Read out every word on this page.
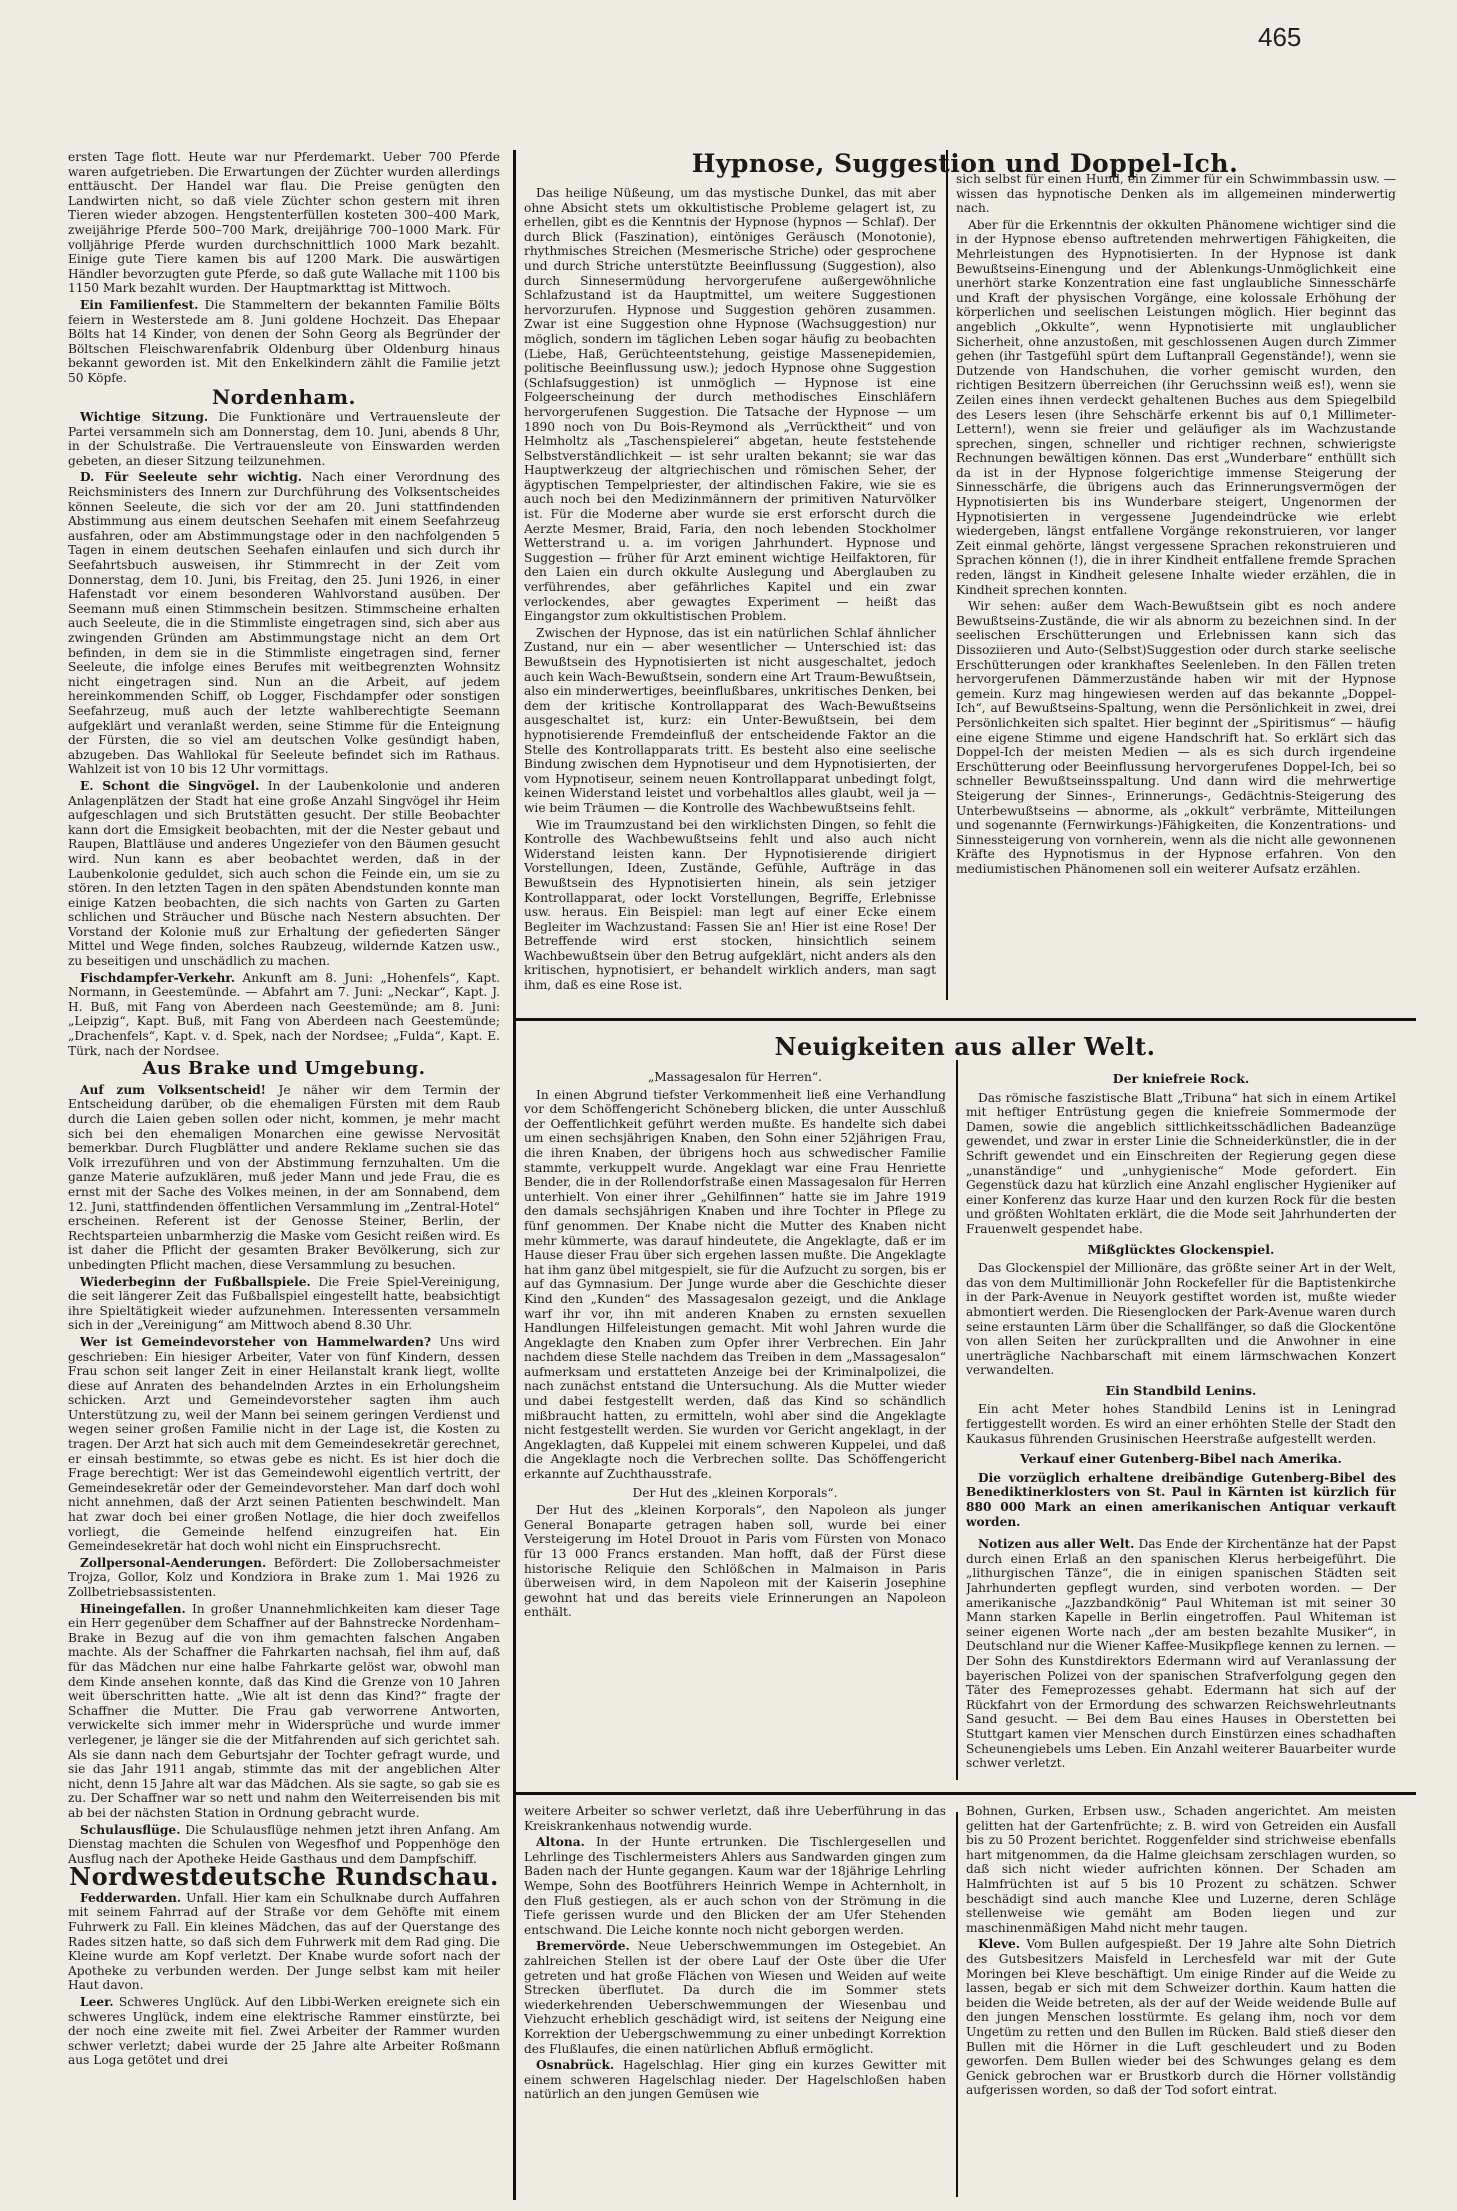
465

ersten Tage flott. Heute war nur Pferdemarkt. Ueber 700 Pferde waren aufgetrieben. Die Erwartungen der Züchter wurden allerdings enttäuscht. Der Handel war flau. Die Preise genügten den Landwirten nicht, so daß viele Züchter schon gestern mit ihren Tieren wieder abzogen. Hengstenterfüllen kosteten 300–400 Mark, zweijährige Pferde 500–700 Mark, dreijährige 700–1000 Mark. Für volljährige Pferde wurden durchschnittlich 1000 Mark bezahlt. Einige gute Tiere kamen bis auf 1200 Mark. Die auswärtigen Händler bevorzugten gute Pferde, so daß gute Wallache mit 1100 bis 1150 Mark bezahlt wurden. Der Hauptmarkttag ist Mittwoch.

Ein Familienfest. Die Stammeltern der bekannten Familie Bölts feiern in Westerstede am 8. Juni goldene Hochzeit. Das Ehepaar Bölts hat 14 Kinder, von denen der Sohn Georg als Begründer der Böltschen Fleischwarenfabrik Oldenburg über Oldenburg hinaus bekannt geworden ist. Mit den Enkelkindern zählt die Familie jetzt 50 Köpfe.

Nordenham.

Wichtige Sitzung. Die Funktionäre und Vertrauensleute der Partei versammeln sich am Donnerstag, dem 10. Juni, abends 8 Uhr, in der Schulstraße. Die Vertrauensleute von Einswarden werden gebeten, an dieser Sitzung teilzunehmen.

D. Für Seeleute sehr wichtig. Nach einer Verordnung des Reichsministers des Innern zur Durchführung des Volksentscheides können Seeleute, die sich vor der am 20. Juni stattfindenden Abstimmung aus einem deutschen Seehafen mit einem Seefahrzeug ausfahren, oder am Abstimmungstage oder in den nachfolgenden 5 Tagen in einem deutschen Seehafen einlaufen und sich durch ihr Seefahrtsbuch ausweisen, ihr Stimmrecht in der Zeit vom Donnerstag, dem 10. Juni, bis Freitag, den 25. Juni 1926, in einer Hafenstadt vor einem besonderen Wahlvorstand ausüben. Der Seemann muß einen Stimmschein besitzen. Stimmscheine erhalten auch Seeleute, die in die Stimmliste eingetragen sind, sich aber aus zwingenden Gründen am Abstimmungstage nicht an dem Ort befinden, in dem sie in die Stimmliste eingetragen sind, ferner Seeleute, die infolge eines Berufes mit weitbegrenzten Wohnsitz nicht eingetragen sind. Nun an die Arbeit, auf jedem hereinkommenden Schiff, ob Logger, Fischdampfer oder sonstigen Seefahrzeug, muß auch der letzte wahlberechtigte Seemann aufgeklärt und veranlaßt werden, seine Stimme für die Enteignung der Fürsten, die so viel am deutschen Volke gesündigt haben, abzugeben. Das Wahllokal für Seeleute befindet sich im Rathaus. Wahlzeit ist von 10 bis 12 Uhr vormittags.

E. Schont die Singvögel. In der Laubenkolonie und anderen Anlagenplätzen der Stadt hat eine große Anzahl Singvögel ihr Heim aufgeschlagen und sich Brutstätten gesucht. Der stille Beobachter kann dort die Emsigkeit beobachten, mit der die Nester gebaut und Raupen, Blattläuse und anderes Ungeziefer von den Bäumen gesucht wird. Nun kann es aber beobachtet werden, daß in der Laubenkolonie geduldet, sich auch schon die Feinde ein, um sie zu stören. In den letzten Tagen in den späten Abendstunden konnte man einige Katzen beobachten, die sich nachts von Garten zu Garten schlichen und Sträucher und Büsche nach Nestern absuchten. Der Vorstand der Kolonie muß zur Erhaltung der gefiederten Sänger Mittel und Wege finden, solches Raubzeug, wildernde Katzen usw., zu beseitigen und unschädlich zu machen.

Fischdampfer-Verkehr. Ankunft am 8. Juni: „Hohenfels“, Kapt. Normann, in Geestemünde. — Abfahrt am 7. Juni: „Neckar“, Kapt. J. H. Buß, mit Fang von Aberdeen nach Geestemünde; am 8. Juni: „Leipzig“, Kapt. Buß, mit Fang von Aberdeen nach Geestemünde; „Drachenfels“, Kapt. v. d. Spek, nach der Nordsee; „Fulda“, Kapt. E. Türk, nach der Nordsee.

Aus Brake und Umgebung.

Auf zum Volksentscheid! Je näher wir dem Termin der Entscheidung darüber, ob die ehemaligen Fürsten mit dem Raub durch die Laien geben sollen oder nicht, kommen, je mehr macht sich bei den ehemaligen Monarchen eine gewisse Nervosität bemerkbar. Durch Flugblätter und andere Reklame suchen sie das Volk irrezuführen und von der Abstimmung fernzuhalten. Um die ganze Materie aufzuklären, muß jeder Mann und jede Frau, die es ernst mit der Sache des Volkes meinen, in der am Sonnabend, dem 12. Juni, stattfindenden öffentlichen Versammlung im „Zentral-Hotel“ erscheinen. Referent ist der Genosse Steiner, Berlin, der Rechtsparteien unbarmherzig die Maske vom Gesicht reißen wird. Es ist daher die Pflicht der gesamten Braker Bevölkerung, sich zur unbedingten Pflicht machen, diese Versammlung zu besuchen.

Wiederbeginn der Fußballspiele. Die Freie Spiel-Vereinigung, die seit längerer Zeit das Fußballspiel eingestellt hatte, beabsichtigt ihre Spieltätigkeit wieder aufzunehmen. Interessenten versammeln sich in der „Vereinigung“ am Mittwoch abend 8.30 Uhr.

Wer ist Gemeindevorsteher von Hammelwarden? Uns wird geschrieben: Ein hiesiger Arbeiter, Vater von fünf Kindern, dessen Frau schon seit langer Zeit in einer Heilanstalt krank liegt, wollte diese auf Anraten des behandelnden Arztes in ein Erholungsheim schicken. Arzt und Gemeindevorsteher sagten ihm auch Unterstützung zu, weil der Mann bei seinem geringen Verdienst und wegen seiner großen Familie nicht in der Lage ist, die Kosten zu tragen. Der Arzt hat sich auch mit dem Gemeindesekretär gerechnet, er einsah bestimmte, so etwas gebe es nicht. Es ist hier doch die Frage berechtigt: Wer ist das Gemeindewohl eigentlich vertritt, der Gemeindesekretär oder der Gemeindevorsteher. Man darf doch wohl nicht annehmen, daß der Arzt seinen Patienten beschwindelt. Man hat zwar doch bei einer großen Notlage, die hier doch zweifellos vorliegt, die Gemeinde helfend einzugreifen hat. Ein Gemeindesekretär hat doch wohl nicht ein Einspruchsrecht.

Zollpersonal-Aenderungen. Befördert: Die Zollobersachmeister Trojza, Gollor, Kolz und Kondziora in Brake zum 1. Mai 1926 zu Zollbetriebsassistenten.

Hineingefallen. In großer Unannehmlichkeiten kam dieser Tage ein Herr gegenüber dem Schaffner auf der Bahnstrecke Nordenham–Brake in Bezug auf die von ihm gemachten falschen Angaben machte. Als der Schaffner die Fahrkarten nachsah, fiel ihm auf, daß für das Mädchen nur eine halbe Fahrkarte gelöst war, obwohl man dem Kinde ansehen konnte, daß das Kind die Grenze von 10 Jahren weit überschritten hatte. „Wie alt ist denn das Kind?“ fragte der Schaffner die Mutter. Die Frau gab verworrene Antworten, verwickelte sich immer mehr in Widersprüche und wurde immer verlegener, je länger sie die der Mitfahrenden auf sich gerichtet sah. Als sie dann nach dem Geburtsjahr der Tochter gefragt wurde, und sie das Jahr 1911 angab, stimmte das mit der angeblichen Alter nicht, denn 15 Jahre alt war das Mädchen. Als sie sagte, so gab sie es zu. Der Schaffner war so nett und nahm den Weiterreisenden bis mit ab bei der nächsten Station in Ordnung gebracht wurde.

Schulausflüge. Die Schulausflüge nehmen jetzt ihren Anfang. Am Dienstag machten die Schulen von Wegesfhof und Poppenhöge den Ausflug nach der Apotheke Heide Gasthaus und dem Dampfschiff.

Nordwestdeutsche Rundschau.

Fedderwarden. Unfall. Hier kam ein Schulknabe durch Auffahren mit seinem Fahrrad auf der Straße vor dem Gehöfte mit einem Fuhrwerk zu Fall. Ein kleines Mädchen, das auf der Querstange des Rades sitzen hatte, so daß sich dem Fuhrwerk mit dem Rad ging. Die Kleine wurde am Kopf verletzt. Der Knabe wurde sofort nach der Apotheke zu verbunden werden. Der Junge selbst kam mit heiler Haut davon.

Leer. Schweres Unglück. Auf den Libbi-Werken ereignete sich ein schweres Unglück, indem eine elektrische Rammer einstürzte, bei der noch eine zweite mit fiel. Zwei Arbeiter der Rammer wurden schwer verletzt; dabei wurde der 25 Jahre alte Arbeiter Roßmann aus Loga getötet und drei

Hypnose, Suggestion und Doppel-Ich.

Das heilige Nüßeung, um das mystische Dunkel, das mit aber ohne Absicht stets um okkultistische Probleme gelagert ist, zu erhellen, gibt es die Kenntnis der Hypnose (hypnos — Schlaf). Der durch Blick (Faszination), eintöniges Geräusch (Monotonie), rhythmisches Streichen (Mesmerische Striche) oder gesprochene und durch Striche unterstützte Beeinflussung (Suggestion), also durch Sinnesermüdung hervorgerufene außergewöhnliche Schlafzustand ist da Hauptmittel, um weitere Suggestionen hervorzurufen. Hypnose und Suggestion gehören zusammen. Zwar ist eine Suggestion ohne Hypnose (Wachsuggestion) nur möglich, sondern im täglichen Leben sogar häufig zu beobachten (Liebe, Haß, Gerüchteentstehung, geistige Massenepidemien, politische Beeinflussung usw.); jedoch Hypnose ohne Suggestion (Schlafsuggestion) ist unmöglich — Hypnose ist eine Folgeerscheinung der durch methodisches Einschläfern hervorgerufenen Suggestion. Die Tatsache der Hypnose — um 1890 noch von Du Bois-Reymond als „Verrücktheit“ und von Helmholtz als „Taschenspielerei“ abgetan, heute feststehende Selbstverständlichkeit — ist sehr uralten bekannt; sie war das Hauptwerkzeug der altgriechischen und römischen Seher, der ägyptischen Tempelpriester, der altindischen Fakire, wie sie es auch noch bei den Medizinmännern der primitiven Naturvölker ist. Für die Moderne aber wurde sie erst erforscht durch die Aerzte Mesmer, Braid, Faria, den noch lebenden Stockholmer Wetterstrand u. a. im vorigen Jahrhundert. Hypnose und Suggestion — früher für Arzt eminent wichtige Heilfaktoren, für den Laien ein durch okkulte Auslegung und Aberglauben zu verführendes, aber gefährliches Kapitel und ein zwar verlockendes, aber gewagtes Experiment — heißt das Eingangstor zum okkultistischen Problem.

Zwischen der Hypnose, das ist ein natürlichen Schlaf ähnlicher Zustand, nur ein — aber wesentlicher — Unterschied ist: das Bewußtsein des Hypnotisierten ist nicht ausgeschaltet, jedoch auch kein Wach-Bewußtsein, sondern eine Art Traum-Bewußtsein, also ein minderwertiges, beeinflußbares, unkritisches Denken, bei dem der kritische Kontrollapparat des Wach-Bewußtseins ausgeschaltet ist, kurz: ein Unter-Bewußtsein, bei dem hypnotisierende Fremdeinfluß der entscheidende Faktor an die Stelle des Kontrollapparats tritt. Es besteht also eine seelische Bindung zwischen dem Hypnotiseur und dem Hypnotisierten, der vom Hypnotiseur, seinem neuen Kontrollapparat unbedingt folgt, keinen Widerstand leistet und vorbehaltlos alles glaubt, weil ja — wie beim Träumen — die Kontrolle des Wachbewußtseins fehlt.

Wie im Traumzustand bei den wirklichsten Dingen, so fehlt die Kontrolle des Wachbewußtseins fehlt und also auch nicht Widerstand leisten kann. Der Hypnotisierende dirigiert Vorstellungen, Ideen, Zustände, Gefühle, Aufträge in das Bewußtsein des Hypnotisierten hinein, als sein jetziger Kontrollapparat, oder lockt Vorstellungen, Begriffe, Erlebnisse usw. heraus. Ein Beispiel: man legt auf einer Ecke einem Begleiter im Wachzustand: Fassen Sie an! Hier ist eine Rose! Der Betreffende wird erst stocken, hinsichtlich seinem Wachbewußtsein über den Betrug aufgeklärt, nicht anders als den kritischen, hypnotisiert, er behandelt wirklich anders, man sagt ihm, daß es eine Rose ist.

sich selbst für einen Hund, ein Zimmer für ein Schwimmbassin usw. — wissen das hypnotische Denken als im allgemeinen minderwertig nach.

Aber für die Erkenntnis der okkulten Phänomene wichtiger sind die in der Hypnose ebenso auftretenden mehrwertigen Fähigkeiten, die Mehrleistungen des Hypnotisierten. In der Hypnose ist dank Bewußtseins-Einengung und der Ablenkungs-Unmöglichkeit eine unerhört starke Konzentration eine fast unglaubliche Sinnesschärfe und Kraft der physischen Vorgänge, eine kolossale Erhöhung der körperlichen und seelischen Leistungen möglich. Hier beginnt das angeblich „Okkulte“, wenn Hypnotisierte mit unglaublicher Sicherheit, ohne anzustoßen, mit geschlossenen Augen durch Zimmer gehen (ihr Tastgefühl spürt dem Luftanprall Gegenstände!), wenn sie Dutzende von Handschuhen, die vorher gemischt wurden, den richtigen Besitzern überreichen (ihr Geruchssinn weiß es!), wenn sie Zeilen eines ihnen verdeckt gehaltenen Buches aus dem Spiegelbild des Lesers lesen (ihre Sehschärfe erkennt bis auf 0,1 Millimeter-Lettern!), wenn sie freier und geläufiger als im Wachzustande sprechen, singen, schneller und richtiger rechnen, schwierigste Rechnungen bewältigen können. Das erst „Wunderbare“ enthüllt sich da ist in der Hypnose folgerichtige immense Steigerung der Sinnesschärfe, die übrigens auch das Erinnerungsvermögen der Hypnotisierten bis ins Wunderbare steigert, Ungenormen der Hypnotisierten in vergessene Jugendeindrücke wie erlebt wiedergeben, längst entfallene Vorgänge rekonstruieren, vor langer Zeit einmal gehörte, längst vergessene Sprachen rekonstruieren und Sprachen können (!), die in ihrer Kindheit entfallene fremde Sprachen reden, längst in Kindheit gelesene Inhalte wieder erzählen, die in Kindheit sprechen konnten.

Wir sehen: außer dem Wach-Bewußtsein gibt es noch andere Bewußtseins-Zustände, die wir als abnorm zu bezeichnen sind. In der seelischen Erschütterungen und Erlebnissen kann sich das Dissoziieren und Auto-(Selbst)Suggestion oder durch starke seelische Erschütterungen oder krankhaftes Seelenleben. In den Fällen treten hervorgerufenen Dämmerzustände haben wir mit der Hypnose gemein. Kurz mag hingewiesen werden auf das bekannte „Doppel-Ich“, auf Bewußtseins-Spaltung, wenn die Persönlichkeit in zwei, drei Persönlichkeiten sich spaltet. Hier beginnt der „Spiritismus“ — häufig eine eigene Stimme und eigene Handschrift hat. So erklärt sich das Doppel-Ich der meisten Medien — als es sich durch irgendeine Erschütterung oder Beeinflussung hervorgerufenes Doppel-Ich, bei so schneller Bewußtseinsspaltung. Und dann wird die mehrwertige Steigerung der Sinnes-, Erinnerungs-, Gedächtnis-Steigerung des Unterbewußtseins — abnorme, als „okkult“ verbrämte, Mitteilungen und sogenannte (Fernwirkungs-)Fähigkeiten, die Konzentrations- und Sinnessteigerung von vornherein, wenn als die nicht alle gewonnenen Kräfte des Hypnotismus in der Hypnose erfahren. Von den mediumistischen Phänomenen soll ein weiterer Aufsatz erzählen.

Neuigkeiten aus aller Welt.
„Massagesalon für Herren“.

In einen Abgrund tiefster Verkommenheit ließ eine Verhandlung vor dem Schöffengericht Schöneberg blicken, die unter Ausschluß der Oeffentlichkeit geführt werden mußte. Es handelte sich dabei um einen sechsjährigen Knaben, den Sohn einer 52jährigen Frau, die ihren Knaben, der übrigens hoch aus schwedischer Familie stammte, verkuppelt wurde. Angeklagt war eine Frau Henriette Bender, die in der Rollendorfstraße einen Massagesalon für Herren unterhielt. Von einer ihrer „Gehilfinnen“ hatte sie im Jahre 1919 den damals sechsjährigen Knaben und ihre Tochter in Pflege zu fünf genommen. Der Knabe nicht die Mutter des Knaben nicht mehr kümmerte, was darauf hindeutete, die Angeklagte, daß er im Hause dieser Frau über sich ergehen lassen mußte. Die Angeklagte hat ihm ganz übel mitgespielt, sie für die Aufzucht zu sorgen, bis er auf das Gymnasium. Der Junge wurde aber die Geschichte dieser Kind den „Kunden“ des Massagesalon gezeigt, und die Anklage warf ihr vor, ihn mit anderen Knaben zu ernsten sexuellen Handlungen Hilfeleistungen gemacht. Mit wohl Jahren wurde die Angeklagte den Knaben zum Opfer ihrer Verbrechen. Ein Jahr nachdem diese Stelle nachdem das Treiben in dem „Massagesalon“ aufmerksam und erstatteten Anzeige bei der Kriminalpolizei, die nach zunächst entstand die Untersuchung. Als die Mutter wieder und dabei festgestellt werden, daß das Kind so schändlich mißbraucht hatten, zu ermitteln, wohl aber sind die Angeklagte nicht festgestellt werden. Sie wurden vor Gericht angeklagt, in der Angeklagten, daß Kuppelei mit einem schweren Kuppelei, und daß die Angeklagte noch die Verbrechen sollte. Das Schöffengericht erkannte auf Zuchthausstrafe.

Der Hut des „kleinen Korporals“.

Der Hut des „kleinen Korporals“, den Napoleon als junger General Bonaparte getragen haben soll, wurde bei einer Versteigerung im Hotel Drouot in Paris vom Fürsten von Monaco für 13 000 Francs erstanden. Man hofft, daß der Fürst diese historische Reliquie den Schlößchen in Malmaison in Paris überweisen wird, in dem Napoleon mit der Kaiserin Josephine gewohnt hat und das bereits viele Erinnerungen an Napoleon enthält.

Der kniefreie Rock.

Das römische faszistische Blatt „Tribuna“ hat sich in einem Artikel mit heftiger Entrüstung gegen die kniefreie Sommermode der Damen, sowie die angeblich sittlichkeitsschädlichen Badeanzüge gewendet, und zwar in erster Linie die Schneiderkünstler, die in der Schrift gewendet und ein Einschreiten der Regierung gegen diese „unanständige“ und „unhygienische“ Mode gefordert. Ein Gegenstück dazu hat kürzlich eine Anzahl englischer Hygieniker auf einer Konferenz das kurze Haar und den kurzen Rock für die besten und größten Wohltaten erklärt, die die Mode seit Jahrhunderten der Frauenwelt gespendet habe.

Mißglücktes Glockenspiel.

Das Glockenspiel der Millionäre, das größte seiner Art in der Welt, das von dem Multimillionär John Rockefeller für die Baptistenkirche in der Park-Avenue in Neuyork gestiftet worden ist, mußte wieder abmontiert werden. Die Riesenglocken der Park-Avenue waren durch seine erstaunten Lärm über die Schallfänger, so daß die Glockentöne von allen Seiten her zurückprallten und die Anwohner in eine unerträgliche Nachbarschaft mit einem lärmschwachen Konzert verwandelten.

Ein Standbild Lenins.

Ein acht Meter hohes Standbild Lenins ist in Leningrad fertiggestellt worden. Es wird an einer erhöhten Stelle der Stadt den Kaukasus führenden Grusinischen Heerstraße aufgestellt werden.

Verkauf einer Gutenberg-Bibel nach Amerika.

Die vorzüglich erhaltene dreibändige Gutenberg-Bibel des Benediktinerklosters von St. Paul in Kärnten ist kürzlich für 880 000 Mark an einen amerikanischen Antiquar verkauft worden.

Notizen aus aller Welt. Das Ende der Kirchentänze hat der Papst durch einen Erlaß an den spanischen Klerus herbeigeführt. Die „lithurgischen Tänze“, die in einigen spanischen Städten seit Jahrhunderten gepflegt wurden, sind verboten worden. — Der amerikanische „Jazzbandkönig“ Paul Whiteman ist mit seiner 30 Mann starken Kapelle in Berlin eingetroffen. Paul Whiteman ist seiner eigenen Worte nach „der am besten bezahlte Musiker“, in Deutschland nur die Wiener Kaffee-Musikpflege kennen zu lernen. — Der Sohn des Kunstdirektors Edermann wird auf Veranlassung der bayerischen Polizei von der spanischen Strafverfolgung gegen den Täter des Femeprozesses gehabt. Edermann hat sich auf der Rückfahrt von der Ermordung des schwarzen Reichswehrleutnants Sand gesucht. — Bei dem Bau eines Hauses in Oberstetten bei Stuttgart kamen vier Menschen durch Einstürzen eines schadhaften Scheunengiebels ums Leben. Ein Anzahl weiterer Bauarbeiter wurde schwer verletzt.

weitere Arbeiter so schwer verletzt, daß ihre Ueberführung in das Kreiskrankenhaus notwendig wurde.

Altona. In der Hunte ertrunken. Die Tischlergesellen und Lehrlinge des Tischlermeisters Ahlers aus Sandwarden gingen zum Baden nach der Hunte gegangen. Kaum war der 18jährige Lehrling Wempe, Sohn des Bootführers Heinrich Wempe in Achternholt, in den Fluß gestiegen, als er auch schon von der Strömung in die Tiefe gerissen wurde und den Blicken der am Ufer Stehenden entschwand. Die Leiche konnte noch nicht geborgen werden.

Bremervörde. Neue Ueberschwemmungen im Ostegebiet. An zahlreichen Stellen ist der obere Lauf der Oste über die Ufer getreten und hat große Flächen von Wiesen und Weiden auf weite Strecken überflutet. Da durch die im Sommer stets wiederkehrenden Ueberschwemmungen der Wiesenbau und Viehzucht erheblich geschädigt wird, ist seitens der Neigung eine Korrektion der Uebergschwemmung zu einer unbedingt Korrektion des Flußlaufes, die einen natürlichen Abfluß ermöglicht.

Osnabrück. Hagelschlag. Hier ging ein kurzes Gewitter mit einem schweren Hagelschlag nieder. Der Hagelschloßen haben natürlich an den jungen Gemüsen wie

Bohnen, Gurken, Erbsen usw., Schaden angerichtet. Am meisten gelitten hat der Gartenfrüchte; z. B. wird von Getreiden ein Ausfall bis zu 50 Prozent berichtet. Roggenfelder sind strichweise ebenfalls hart mitgenommen, da die Halme gleichsam zerschlagen wurden, so daß sich nicht wieder aufrichten können. Der Schaden am Halmfrüchten ist auf 5 bis 10 Prozent zu schätzen. Schwer beschädigt sind auch manche Klee und Luzerne, deren Schläge stellenweise wie gemäht am Boden liegen und zur maschinenmäßigen Mahd nicht mehr taugen.

Kleve. Vom Bullen aufgespießt. Der 19 Jahre alte Sohn Dietrich des Gutsbesitzers Maisfeld in Lerchesfeld war mit der Gute Moringen bei Kleve beschäftigt. Um einige Rinder auf die Weide zu lassen, begab er sich mit dem Schweizer dorthin. Kaum hatten die beiden die Weide betreten, als der auf der Weide weidende Bulle auf den jungen Menschen losstürmte. Es gelang ihm, noch vor dem Ungetüm zu retten und den Bullen im Rücken. Bald stieß dieser den Bullen mit die Hörner in die Luft geschleudert und zu Boden geworfen. Dem Bullen wieder bei des Schwunges gelang es dem Genick gebrochen war er Brustkorb durch die Hörner vollständig aufgerissen worden, so daß der Tod sofort eintrat.
